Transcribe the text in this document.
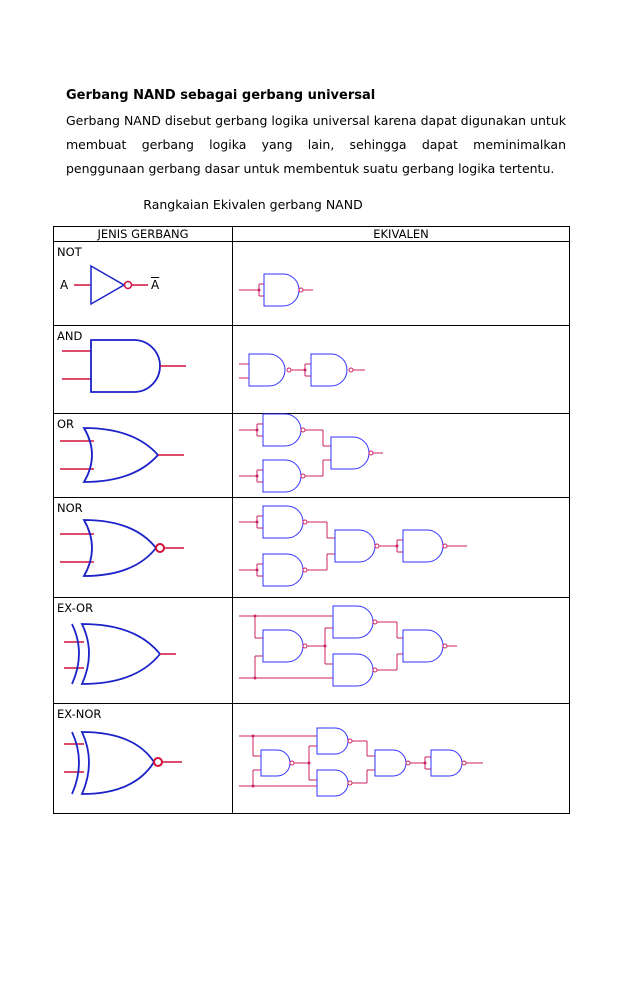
Gerbang NAND sebagai gerbang universal

Gerbang NAND disebut gerbang logika universal karena dapat digunakan untuk membuat gerbang logika yang lain, sehingga dapat meminimalkan penggunaan gerbang dasar untuk membentuk suatu gerbang logika tertentu.

Rangkaian Ekivalen gerbang NAND

JENIS GERBANG	EKIVALEN

NOT
A $\overline{A}$

AND

OR

NOR

EX-OR

EX-NOR
